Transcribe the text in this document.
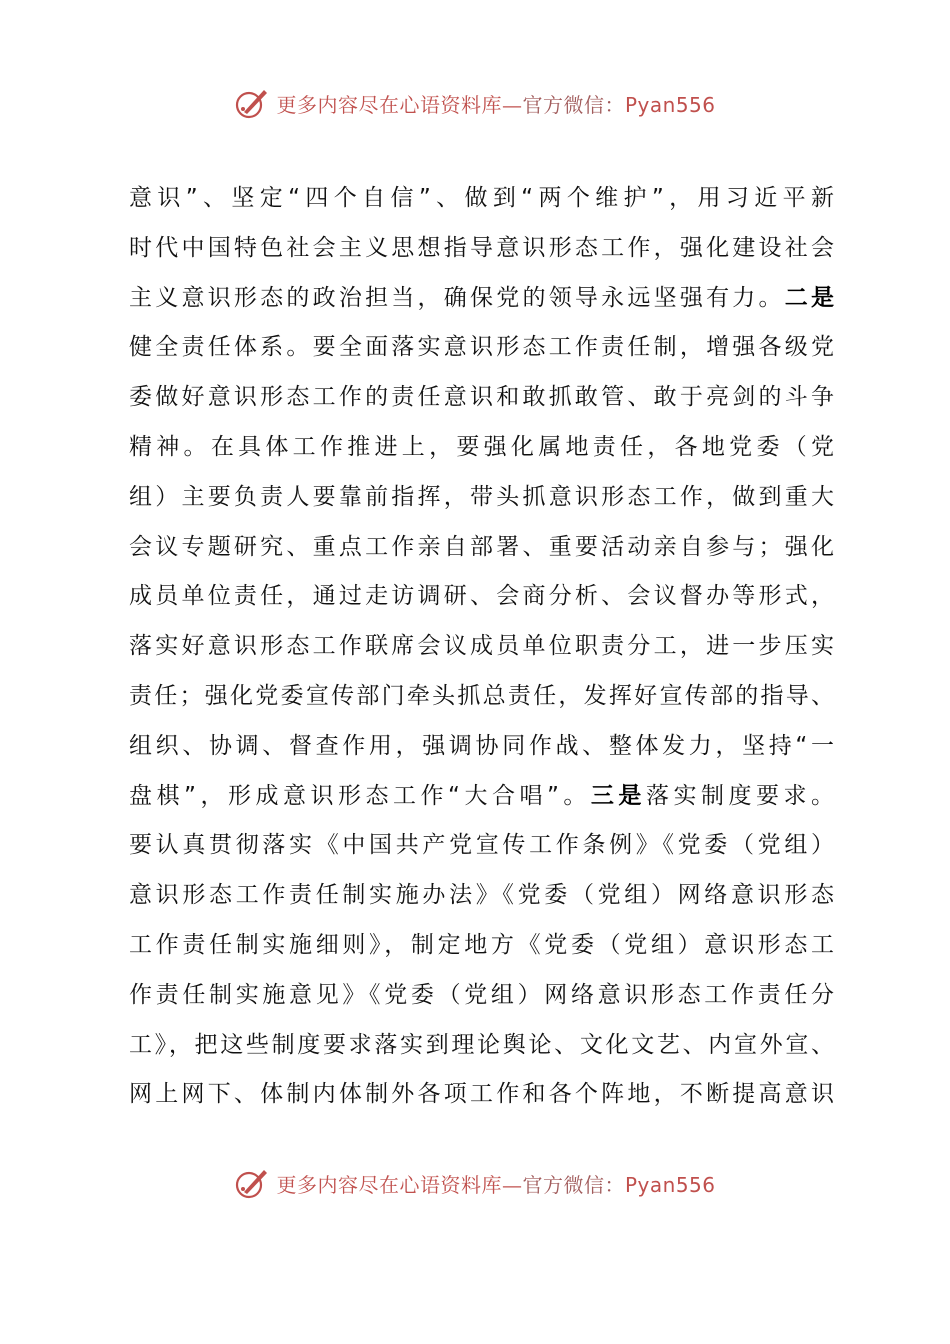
更多内容尽在心语资料库—官方微信：Pyan556
意识”、坚定“四个自信”、做到“两个维护”，用习近平新
时代中国特色社会主义思想指导意识形态工作，强化建设社会
主义意识形态的政治担当，确保党的领导永远坚强有力。二是
健全责任体系。要全面落实意识形态工作责任制，增强各级党
委做好意识形态工作的责任意识和敢抓敢管、敢于亮剑的斗争
精神。在具体工作推进上，要强化属地责任，各地党委（党
组）主要负责人要靠前指挥，带头抓意识形态工作，做到重大
会议专题研究、重点工作亲自部署、重要活动亲自参与；强化
成员单位责任，通过走访调研、会商分析、会议督办等形式，
落实好意识形态工作联席会议成员单位职责分工，进一步压实
责任；强化党委宣传部门牵头抓总责任，发挥好宣传部的指导、
组织、协调、督查作用，强调协同作战、整体发力，坚持“一
盘棋”，形成意识形态工作“大合唱”。三是落实制度要求。
要认真贯彻落实《中国共产党宣传工作条例》《党委（党组）
意识形态工作责任制实施办法》《党委（党组）网络意识形态
工作责任制实施细则》，制定地方《党委（党组）意识形态工
作责任制实施意见》《党委（党组）网络意识形态工作责任分
工》，把这些制度要求落实到理论舆论、文化文艺、内宣外宣、
网上网下、体制内体制外各项工作和各个阵地，不断提高意识
更多内容尽在心语资料库—官方微信：Pyan556
